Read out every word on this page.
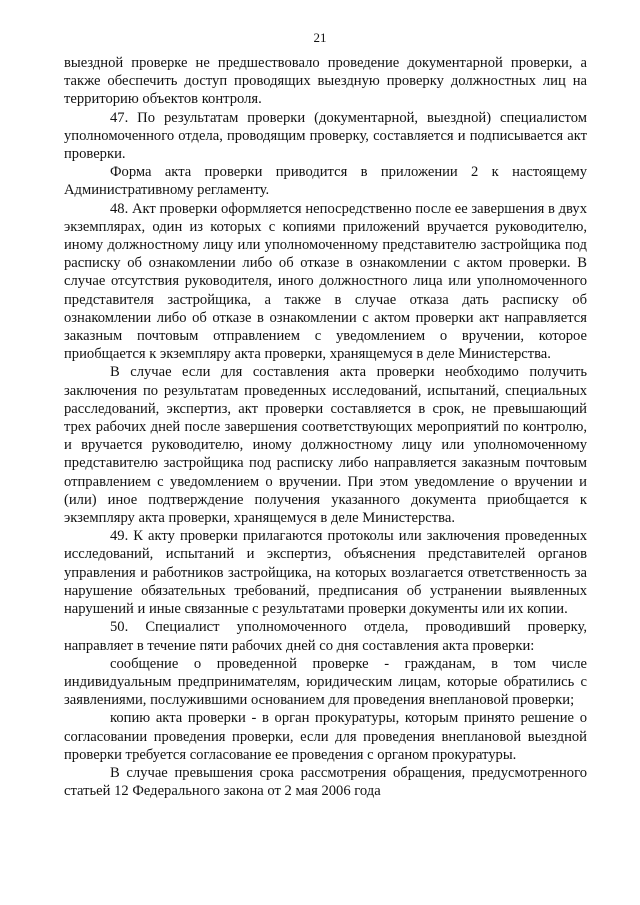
21

выездной проверке не предшествовало проведение документарной проверки, а также обеспечить доступ проводящих выездную проверку должностных лиц на территорию объектов контроля.

47. По результатам проверки (документарной, выездной) специалистом уполномоченного отдела, проводящим проверку, составляется и подписывается акт проверки.

Форма акта проверки приводится в приложении 2 к настоящему Административному регламенту.

48. Акт проверки оформляется непосредственно после ее завершения в двух экземплярах, один из которых с копиями приложений вручается руководителю, иному должностному лицу или уполномоченному представителю застройщика под расписку об ознакомлении либо об отказе в ознакомлении с актом проверки. В случае отсутствия руководителя, иного должностного лица или уполномоченного представителя застройщика, а также в случае отказа дать расписку об ознакомлении либо об отказе в ознакомлении с актом проверки акт направляется заказным почтовым отправлением с уведомлением о вручении, которое приобщается к экземпляру акта проверки, хранящемуся в деле Министерства.

В случае если для составления акта проверки необходимо получить заключения по результатам проведенных исследований, испытаний, специальных расследований, экспертиз, акт проверки составляется в срок, не превышающий трех рабочих дней после завершения соответствующих мероприятий по контролю, и вручается руководителю, иному должностному лицу или уполномоченному представителю застройщика под расписку либо направляется заказным почтовым отправлением с уведомлением о вручении. При этом уведомление о вручении и (или) иное подтверждение получения указанного документа приобщается к экземпляру акта проверки, хранящемуся в деле Министерства.

49. К акту проверки прилагаются протоколы или заключения проведенных исследований, испытаний и экспертиз, объяснения представителей органов управления и работников застройщика, на которых возлагается ответственность за нарушение обязательных требований, предписания об устранении выявленных нарушений и иные связанные с результатами проверки документы или их копии.

50. Специалист уполномоченного отдела, проводивший проверку, направляет в течение пяти рабочих дней со дня составления акта проверки:

сообщение о проведенной проверке - гражданам, в том числе индивидуальным предпринимателям, юридическим лицам, которые обратились с заявлениями, послужившими основанием для проведения внеплановой проверки;

копию акта проверки - в орган прокуратуры, которым принято решение о согласовании проведения проверки, если для проведения внеплановой выездной проверки требуется согласование ее проведения с органом прокуратуры.

В случае превышения срока рассмотрения обращения, предусмотренного статьей 12 Федерального закона от 2 мая 2006 года
